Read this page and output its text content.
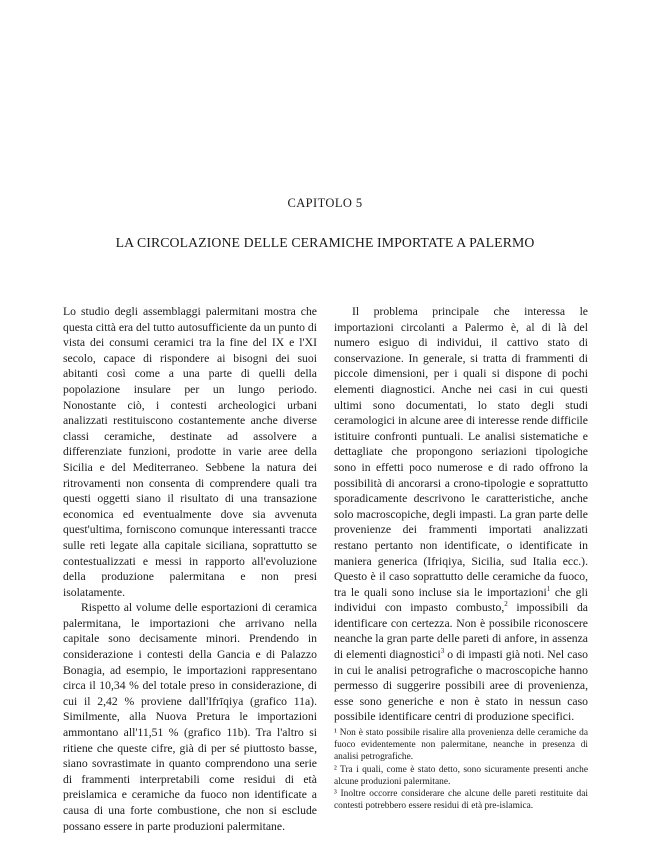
CAPITOLO 5
LA CIRCOLAZIONE DELLE CERAMICHE IMPORTATE A PALERMO

Lo studio degli assemblaggi palermitani mostra che questa città era del tutto autosufficiente da un punto di vista dei consumi ceramici tra la fine del IX e l'XI secolo, capace di rispondere ai bisogni dei suoi abitanti così come a una parte di quelli della popolazione insulare per un lungo periodo. Nonostante ciò, i contesti archeologici urbani analizzati restituiscono costantemente anche diverse classi ceramiche, destinate ad assolvere a differenziate funzioni, prodotte in varie aree della Sicilia e del Mediterraneo. Sebbene la natura dei ritrovamenti non consenta di comprendere quali tra questi oggetti siano il risultato di una transazione economica ed eventualmente dove sia avvenuta quest'ultima, forniscono comunque interessanti tracce sulle reti legate alla capitale siciliana, soprattutto se contestualizzati e messi in rapporto all'evoluzione della produzione palermitana e non presi isolatamente.

Rispetto al volume delle esportazioni di ceramica palermitana, le importazioni che arrivano nella capitale sono decisamente minori. Prendendo in considerazione i contesti della Gancia e di Palazzo Bonagia, ad esempio, le importazioni rappresentano circa il 10,34 % del totale preso in considerazione, di cui il 2,42 % proviene dall'Ifrīqiya (grafico 11a). Similmente, alla Nuova Pretura le importazioni ammontano all'11,51 % (grafico 11b). Tra l'altro si ritiene che queste cifre, già di per sé piuttosto basse, siano sovrastimate in quanto comprendono una serie di frammenti interpretabili come residui di età preislamica e ceramiche da fuoco non identificate a causa di una forte combustione, che non si esclude possano essere in parte produzioni palermitane.

Il problema principale che interessa le importazioni circolanti a Palermo è, al di là del numero esiguo di individui, il cattivo stato di conservazione. In generale, si tratta di frammenti di piccole dimensioni, per i quali si dispone di pochi elementi diagnostici. Anche nei casi in cui questi ultimi sono documentati, lo stato degli studi ceramologici in alcune aree di interesse rende difficile istituire confronti puntuali. Le analisi sistematiche e dettagliate che propongono seriazioni tipologiche sono in effetti poco numerose e di rado offrono la possibilità di ancorarsi a crono-tipologie e soprattutto sporadicamente descrivono le caratteristiche, anche solo macroscopiche, degli impasti. La gran parte delle provenienze dei frammenti importati analizzati restano pertanto non identificate, o identificate in maniera generica (Ifriqiya, Sicilia, sud Italia ecc.). Questo è il caso soprattutto delle ceramiche da fuoco, tra le quali sono incluse sia le importazioni$^1$ che gli individui con impasto combusto,$^2$ impossibili da identificare con certezza. Non è possibile riconoscere neanche la gran parte delle pareti di anfore, in assenza di elementi diagnostici$^3$ o di impasti già noti. Nel caso in cui le analisi petrografiche o macroscopiche hanno permesso di suggerire possibili aree di provenienza, esse sono generiche e non è stato in nessun caso possibile identificare centri di produzione specifici.

¹ Non è stato possibile risalire alla provenienza delle ceramiche da fuoco evidentemente non palermitane, neanche in presenza di analisi petrografiche.

² Tra i quali, come è stato detto, sono sicuramente presenti anche alcune produzioni palermitane.

³ Inoltre occorre considerare che alcune delle pareti restituite dai contesti potrebbero essere residui di età pre-islamica.
